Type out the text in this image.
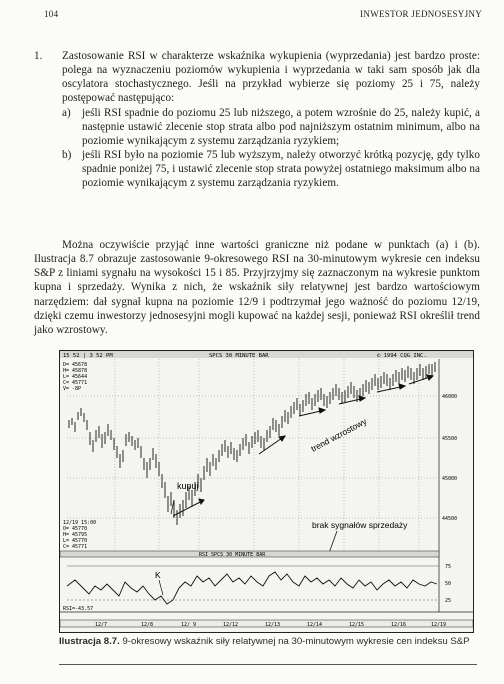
104	INWESTOR JEDNOSESYJNY
1. Zastosowanie RSI w charakterze wskaźnika wykupienia (wyprzedania) jest bardzo proste: polega na wyznaczeniu poziomów wykupienia i wyprzedania w taki sam sposób jak dla oscylatora stochastycznego. Jeśli na przykład wybierze się poziomy 25 i 75, należy postępować następująco:
a) jeśli RSI spadnie do poziomu 25 lub niższego, a potem wzrośnie do 25, należy kupić, a następnie ustawić zlecenie stop strata albo pod najniższym ostatnim minimum, albo na poziomie wynikającym z systemu zarządzania ryzykiem;
b) jeśli RSI było na poziomie 75 lub wyższym, należy otworzyć krótką pozycję, gdy tylko spadnie poniżej 75, i ustawić zlecenie stop strata powyżej ostatniego maksimum albo na poziomie wynikającym z systemu zarządzania ryzykiem.
Można oczywiście przyjąć inne wartości graniczne niż podane w punktach (a) i (b). Ilustracja 8.7 obrazuje zastosowanie 9-okresowego RSI na 30-minutowym wykresie cen indeksu S&P z liniami sygnału na wysokości 15 i 85. Przyjrzyjmy się zaznaczonym na wykresie punktom kupna i sprzedaży. Wynika z nich, że wskaźnik siły relatywnej jest bardzo wartościowym narzędziem: dał sygnał kupna na poziomie 12/9 i podtrzymał jego ważność do poziomu 12/19, dzięki czemu inwestorzy jednosesyjni mogli kupować na każdej sesji, ponieważ RSI określił trend jako wzrostowy.
15 52 | 3 52 PM	SPCS 30 MINUTE BAR	© 1994 CQG INC.
46000
45500
45000
44500
D= 45678
H= 45878
L= 45644
C= 45771
V= -8P
kupuj
trend wzrostowy
brak sygnałów sprzedaży
12/19 15:00
O= 45770
H= 45795
L= 45770
C= 45771
RSI SPCS 30 MINUTE BAR
K
RSI=-43.57
75
50
25
12/7	12/8	12/ 9	12/12	12/13	12/14	12/15	12/16	12/19
Ilustracja 8.7. 9-okresowy wskaźnik siły relatywnej na 30-minutowym wykresie cen indeksu S&P
